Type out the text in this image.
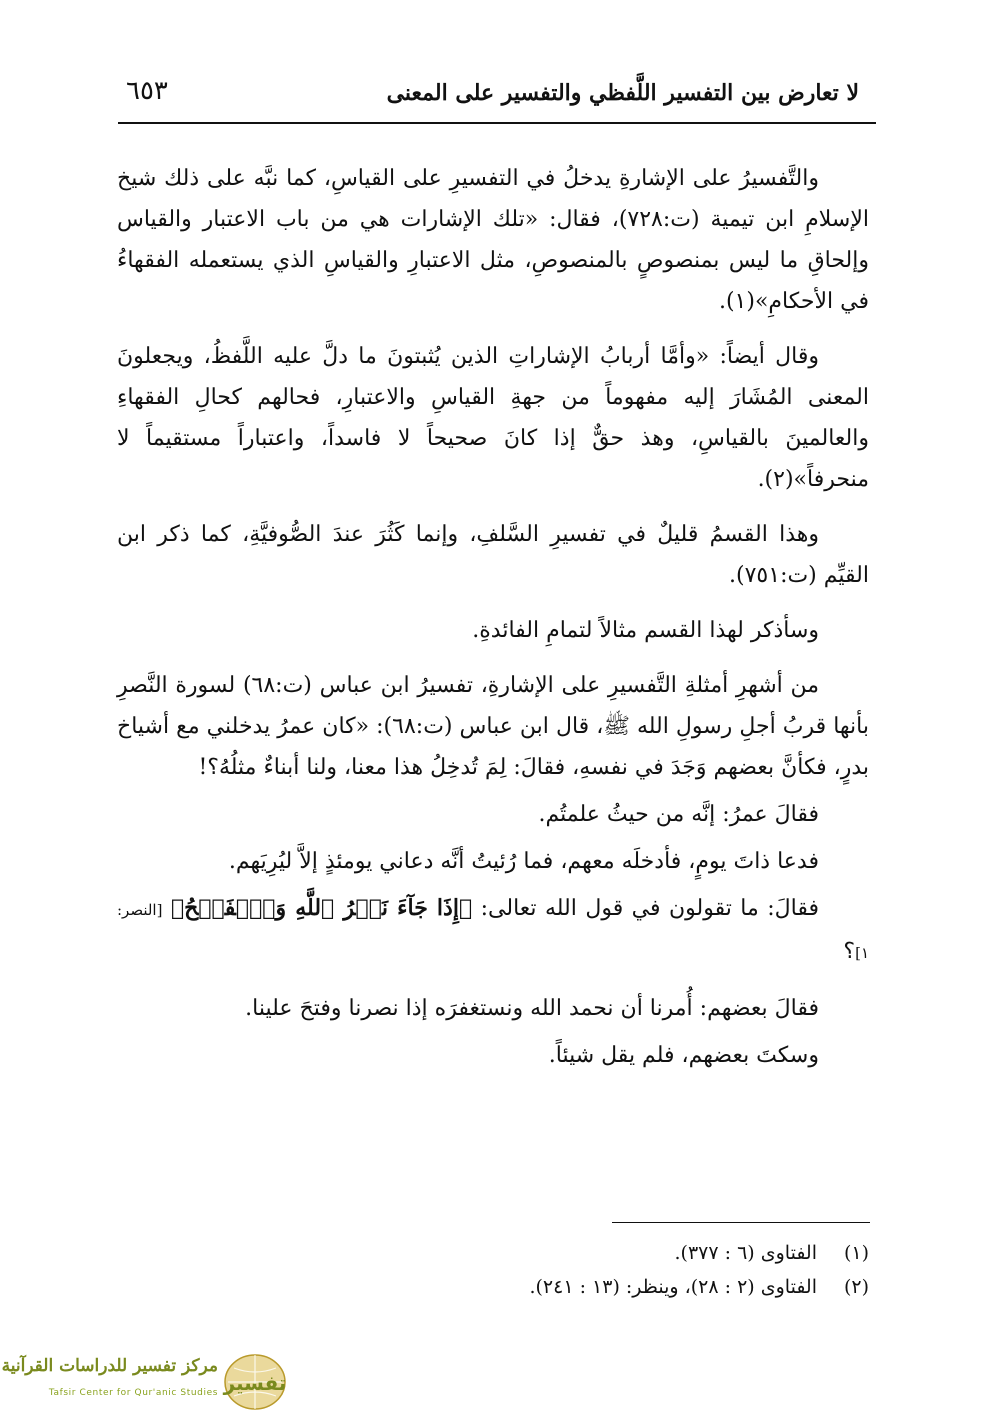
لا تعارض بين التفسير اللَّفظي والتفسير على المعنى
٦٥٣

والتَّفسيرُ على الإشارةِ يدخلُ في التفسيرِ على القياسِ، كما نبَّه على ذلك شيخ الإسلامِ ابن تيمية (ت:٧٢٨)، فقال: «تلك الإشارات هي من باب الاعتبار والقياس وإلحاقِ ما ليس بمنصوصٍ بالمنصوصِ، مثل الاعتبارِ والقياسِ الذي يستعمله الفقهاءُ في الأحكامِ»(١).

وقال أيضاً: «وأمَّا أربابُ الإشاراتِ الذين يُثبتونَ ما دلَّ عليه اللَّفظُ، ويجعلونَ المعنى المُشَارَ إليه مفهوماً من جهةِ القياسِ والاعتبارِ، فحالهم كحالِ الفقهاءِ والعالمينَ بالقياسِ، وهذ حقٌّ إذا كانَ صحيحاً لا فاسداً، واعتباراً مستقيماً لا منحرفاً»(٢).

وهذا القسمُ قليلٌ في تفسيرِ السَّلفِ، وإنما كَثُرَ عندَ الصُّوفيَّةِ، كما ذكر ابن القيِّم (ت:٧٥١).

وسأذكر لهذا القسم مثالاً لتمامِ الفائدةِ.

من أشهرِ أمثلةِ التَّفسيرِ على الإشارةِ، تفسيرُ ابن عباس (ت:٦٨) لسورة النَّصرِ بأنها قربُ أجلِ رسولِ الله ﷺ، قال ابن عباس (ت:٦٨): «كان عمرُ يدخلني مع أشياخ بدرٍ، فكأنَّ بعضهم وَجَدَ في نفسهِ، فقالَ: لِمَ تُدخِلُ هذا معنا، ولنا أبناءٌ مثلُهُ؟!

فقالَ عمرُ: إنَّه من حيثُ علمتُم.

فدعا ذاتَ يومٍ، فأدخلَه معهم، فما رُئيتُ أنَّه دعاني يومئذٍ إلاَّ ليُرِيَهم.

فقالَ: ما تقولون في قول الله تعالى: ﴿إِذَا جَآءَ نَصۡرُ ٱللَّهِ وَٱلۡفَتۡحُ﴾ [النصر: ١]؟

فقالَ بعضهم: أُمرنا أن نحمد الله ونستغفرَه إذا نصرنا وفتحَ علينا.

وسكتَ بعضهم، فلم يقل شيئاً.

(١)الفتاوى (٦ : ٣٧٧).
(٢)الفتاوى (٢ : ٢٨)، وينظر: (١٣ : ٢٤١).
تفسير
مركز تفسير للدراسات القرآنية
Tafsir Center for Qur'anic Studies
